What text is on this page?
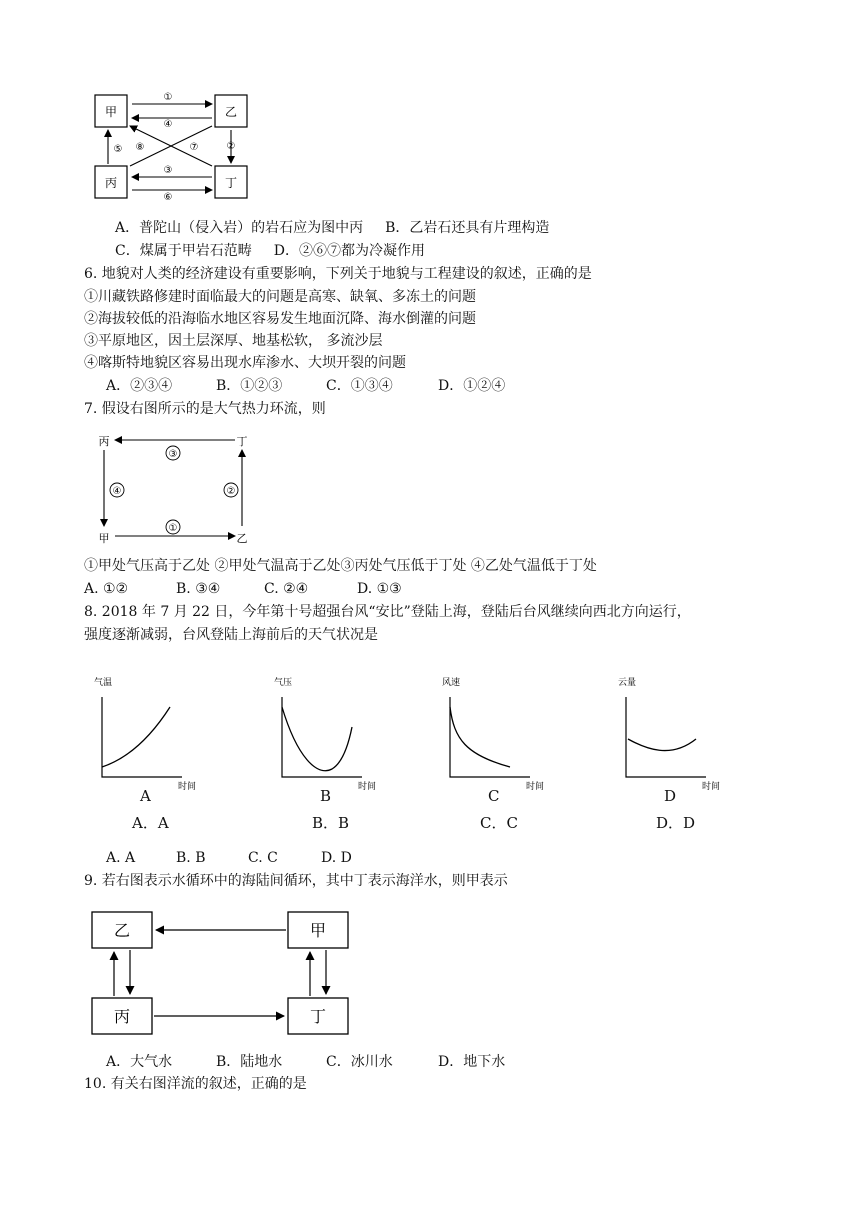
甲	乙
丙	丁
①
④
②
⑤
③
⑥
⑧	⑦
A．普陀山（侵入岩）的岩石应为图中丙 B．乙岩石还具有片理构造
C．煤属于甲岩石范畴 D．②⑥⑦都为冷凝作用
6. 地貌对人类的经济建设有重要影响，下列关于地貌与工程建设的叙述，正确的是
①川藏铁路修建时面临最大的问题是高寒、缺氧、多冻土的问题
②海拔较低的沿海临水地区容易发生地面沉降、海水倒灌的问题
③平原地区，因土层深厚、地基松软， 多流沙层
④喀斯特地貌区容易出现水库渗水、大坝开裂的问题
A．②③④	B．①②③	C．①③④	D．①②④
7. 假设右图所示的是大气热力环流，则
丙	丁
甲	乙
③
④
①
②
①甲处气压高于乙处 ②甲处气温高于乙处③丙处气压低于丁处 ④乙处气温低于丁处
A. ①②	B. ③④	C. ②④	D. ①③
8. 2018 年 7 月 22 日，今年第十号超强台风“安比”登陆上海，登陆后台风继续向西北方向运行，
强度逐渐减弱，台风登陆上海前后的天气状况是
气温
时间
A
A．A
气压
时间
B
B．B
风速
时间
C
C．C
云量
时间
D
D．D
A. A	B. B	C. C	D. D
9. 若右图表示水循环中的海陆间循环，其中丁表示海洋水，则甲表示
乙	甲
丙	丁
A．大气水	B．陆地水	C．冰川水	D．地下水
10. 有关右图洋流的叙述，正确的是
